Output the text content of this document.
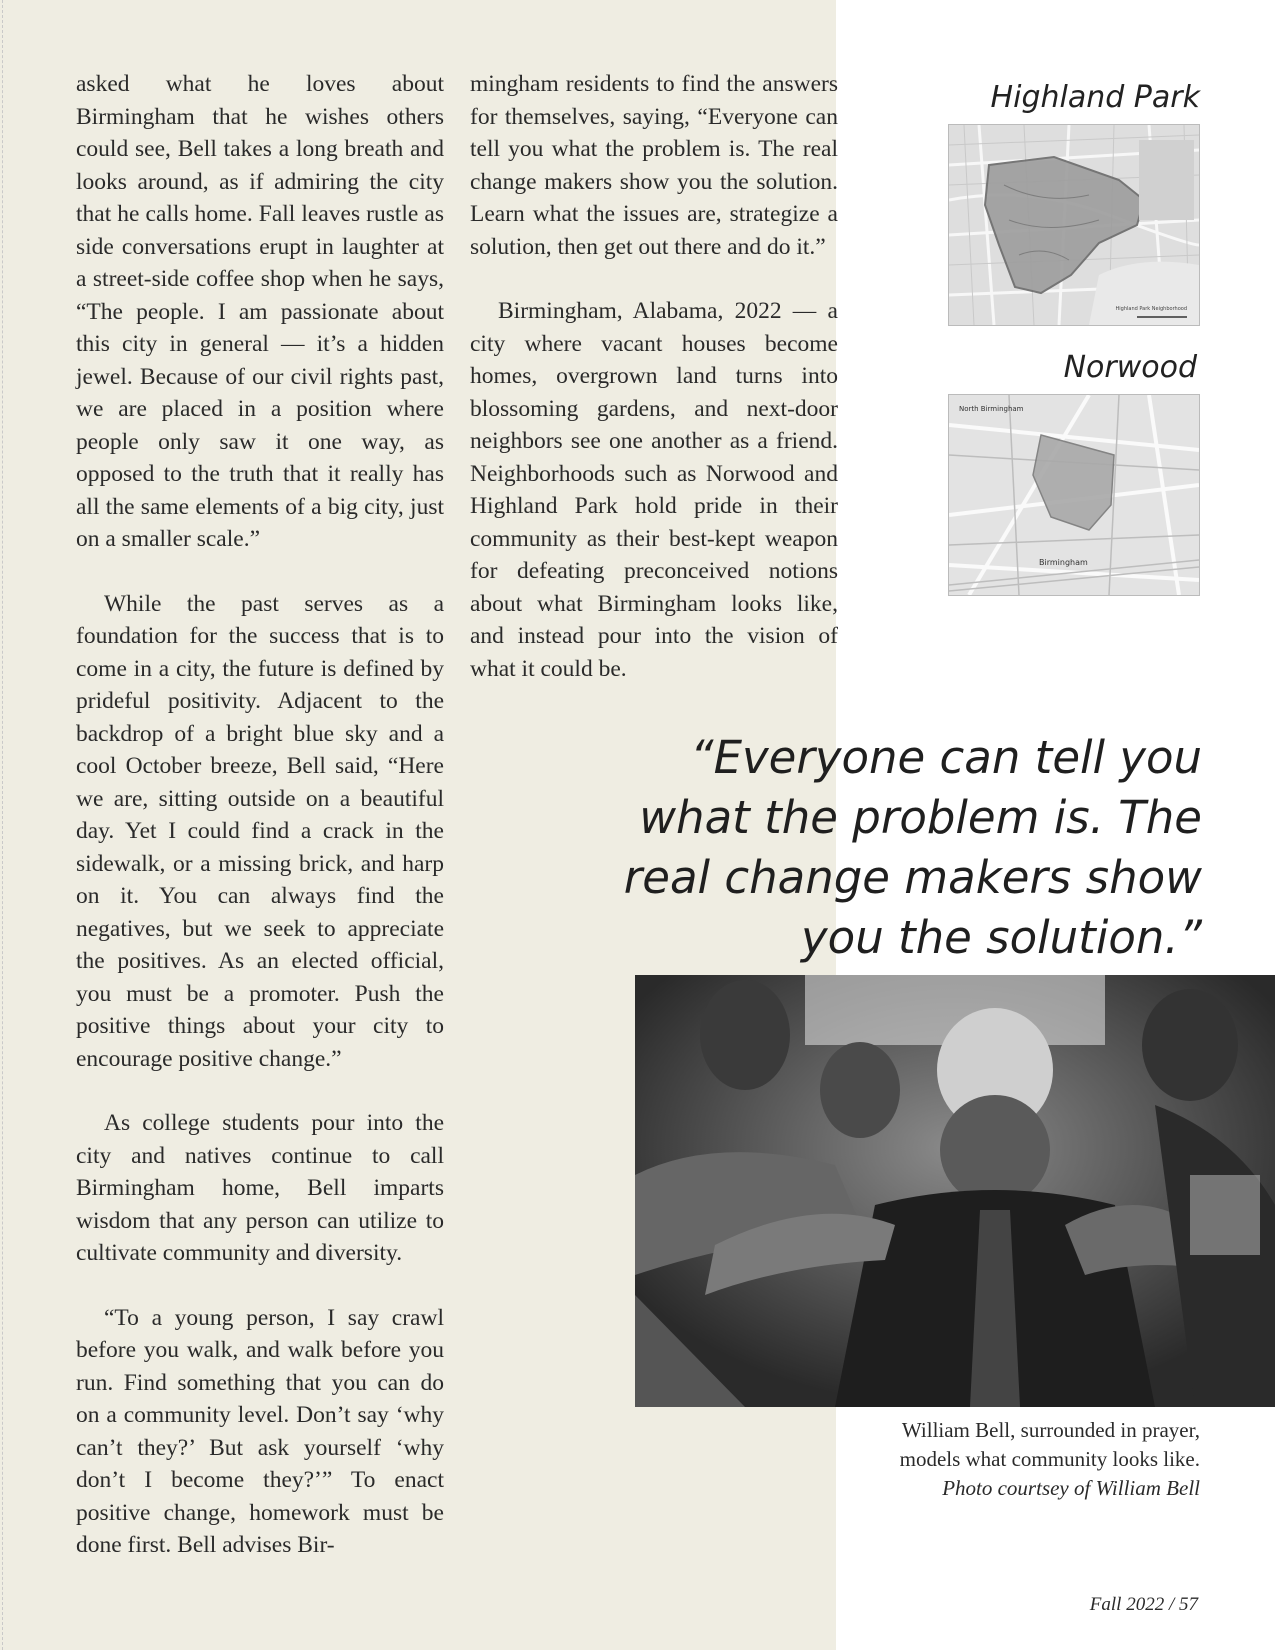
asked what he loves about Birmingham that he wishes others could see, Bell takes a long breath and looks around, as if admiring the city that he calls home. Fall leaves rustle as side conversations erupt in laughter at a street-side coffee shop when he says, “The people. I am passionate about this city in general — it’s a hidden jewel. Because of our civil rights past, we are placed in a position where people only saw it one way, as opposed to the truth that it really has all the same elements of a big city, just on a smaller scale.”

While the past serves as a foundation for the success that is to come in a city, the future is defined by prideful positivity. Adjacent to the backdrop of a bright blue sky and a cool October breeze, Bell said, “Here we are, sitting outside on a beautiful day. Yet I could find a crack in the sidewalk, or a missing brick, and harp on it. You can always find the negatives, but we seek to appreciate the positives. As an elected official, you must be a promoter. Push the positive things about your city to encourage positive change.”

As college students pour into the city and natives continue to call Birmingham home, Bell imparts wisdom that any person can utilize to cultivate community and diversity.

“To a young person, I say crawl before you walk, and walk before you run. Find something that you can do on a community level. Don’t say ‘why can’t they?’ But ask yourself ‘why don’t I become they?’” To enact positive change, homework must be done first. Bell advises Bir-

mingham residents to find the answers for themselves, saying, “Everyone can tell you what the problem is. The real change makers show you the solution. Learn what the issues are, strategize a solution, then get out there and do it.”

Birmingham, Alabama, 2022 — a city where vacant houses become homes, overgrown land turns into blossoming gardens, and next-door neighbors see one another as a friend. Neighborhoods such as Norwood and Highland Park hold pride in their community as their best-kept weapon for defeating preconceived notions about what Birmingham looks like, and instead pour into the vision of what it could be.

Highland Park
Highland Park Neighborhood
Norwood
North Birmingham
Birmingham
“Everyone can tell you what the problem is. The real change makers show you the solution.”
William Bell, surrounded in prayer,
models what community looks like.
Photo courtsey of William Bell
Fall 2022 / 57
